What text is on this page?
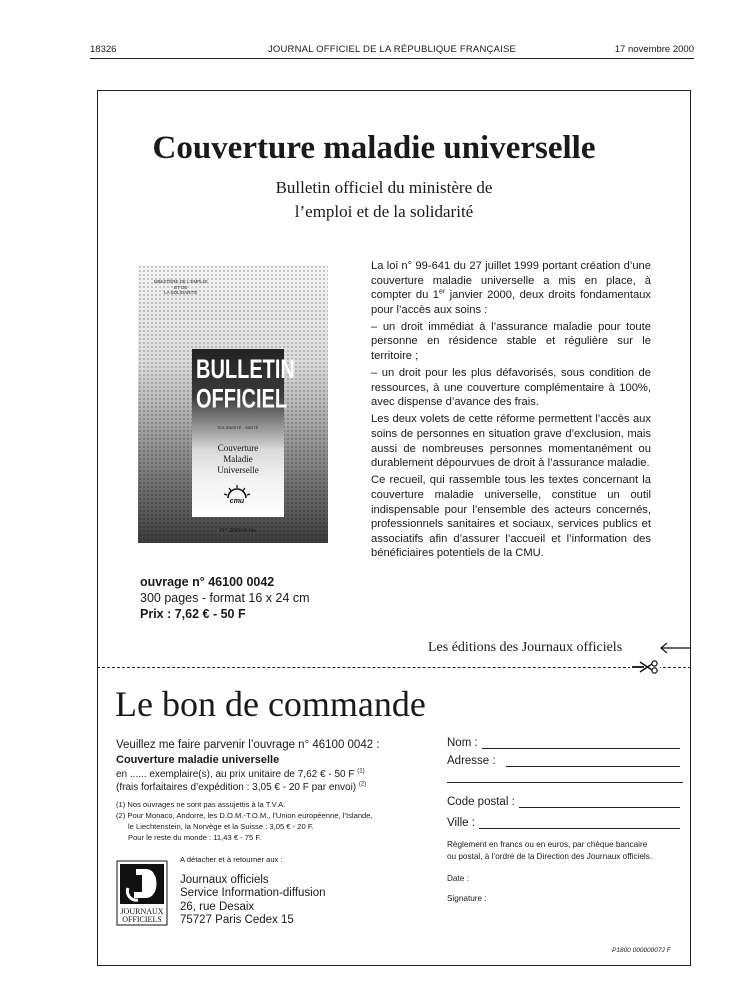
18326	JOURNAL OFFICIEL DE LA RÉPUBLIQUE FRANÇAISE	17 novembre 2000
Couverture maladie universelle
Bulletin officiel du ministère de
l’emploi et de la solidarité
MINISTÈRE DE L’EMPLOI
ET DE
LA SOLIDARITÉ
BULLETIN
OFFICIEL
SOLIDARITÉ - SANTÉ
Couverture
Maladie
Universelle
cmu
N° 2000/4 bis
ouvrage n° 46100 0042
300 pages - format 16 x 24 cm
Prix : 7,62 € - 50 F

La loi n° 99-641 du 27 juillet 1999 portant création d’une couverture maladie universelle a mis en place, à compter du 1er janvier 2000, deux droits fondamentaux pour l’accès aux soins :

– un droit immédiat à l’assurance maladie pour toute personne en résidence stable et régulière sur le territoire ;

– un droit pour les plus défavorisés, sous condition de ressources, à une couverture complémentaire à 100%, avec dispense d’avance des frais.

Les deux volets de cette réforme permettent l’accès aux soins de personnes en situation grave d’exclusion, mais aussi de nombreuses personnes momentanément ou durablement dépourvues de droit à l’assurance maladie.

Ce recueil, qui rassemble tous les textes concernant la couverture maladie universelle, constitue un outil indispensable pour l’ensemble des acteurs concernés, professionnels sanitaires et sociaux, services publics et associatifs afin d’assurer l’accueil et l’information des bénéficiaires potentiels de la CMU.

Les éditions des Journaux officiels
Le bon de commande
Veuillez me faire parvenir l’ouvrage n° 46100 0042 :
Couverture maladie universelle
en ...... exemplaire(s), au prix unitaire de 7,62 € - 50 F $^{(1)}$
(frais forfaitaires d’expédition : 3,05 € - 20 F par envoi) $^{(2)}$
(1) Nos ouvrages ne sont pas assujettis à la T.V.A.
(2) Pour Monaco, Andorre, les D.O.M.-T.O.M., l’Union européenne, l’Islande,
le Liechtenstein, la Norvège et la Suisse : 3,05 € - 20 F.
Pour le reste du monde : 11,43 € - 75 F.
JOURNAUX
OFFICIELS
A détacher et à retourner aux :
Journaux officiels
Service Information-diffusion
26, rue Desaix
75727 Paris Cedex 15
Nom :
Adresse :
Code postal :
Ville :
Règlement en francs ou en euros, par chèque bancaire
ou postal, à l’ordre de la Direction des Journaux officiels.
Date :
Signature :
P1800 00000007J F
